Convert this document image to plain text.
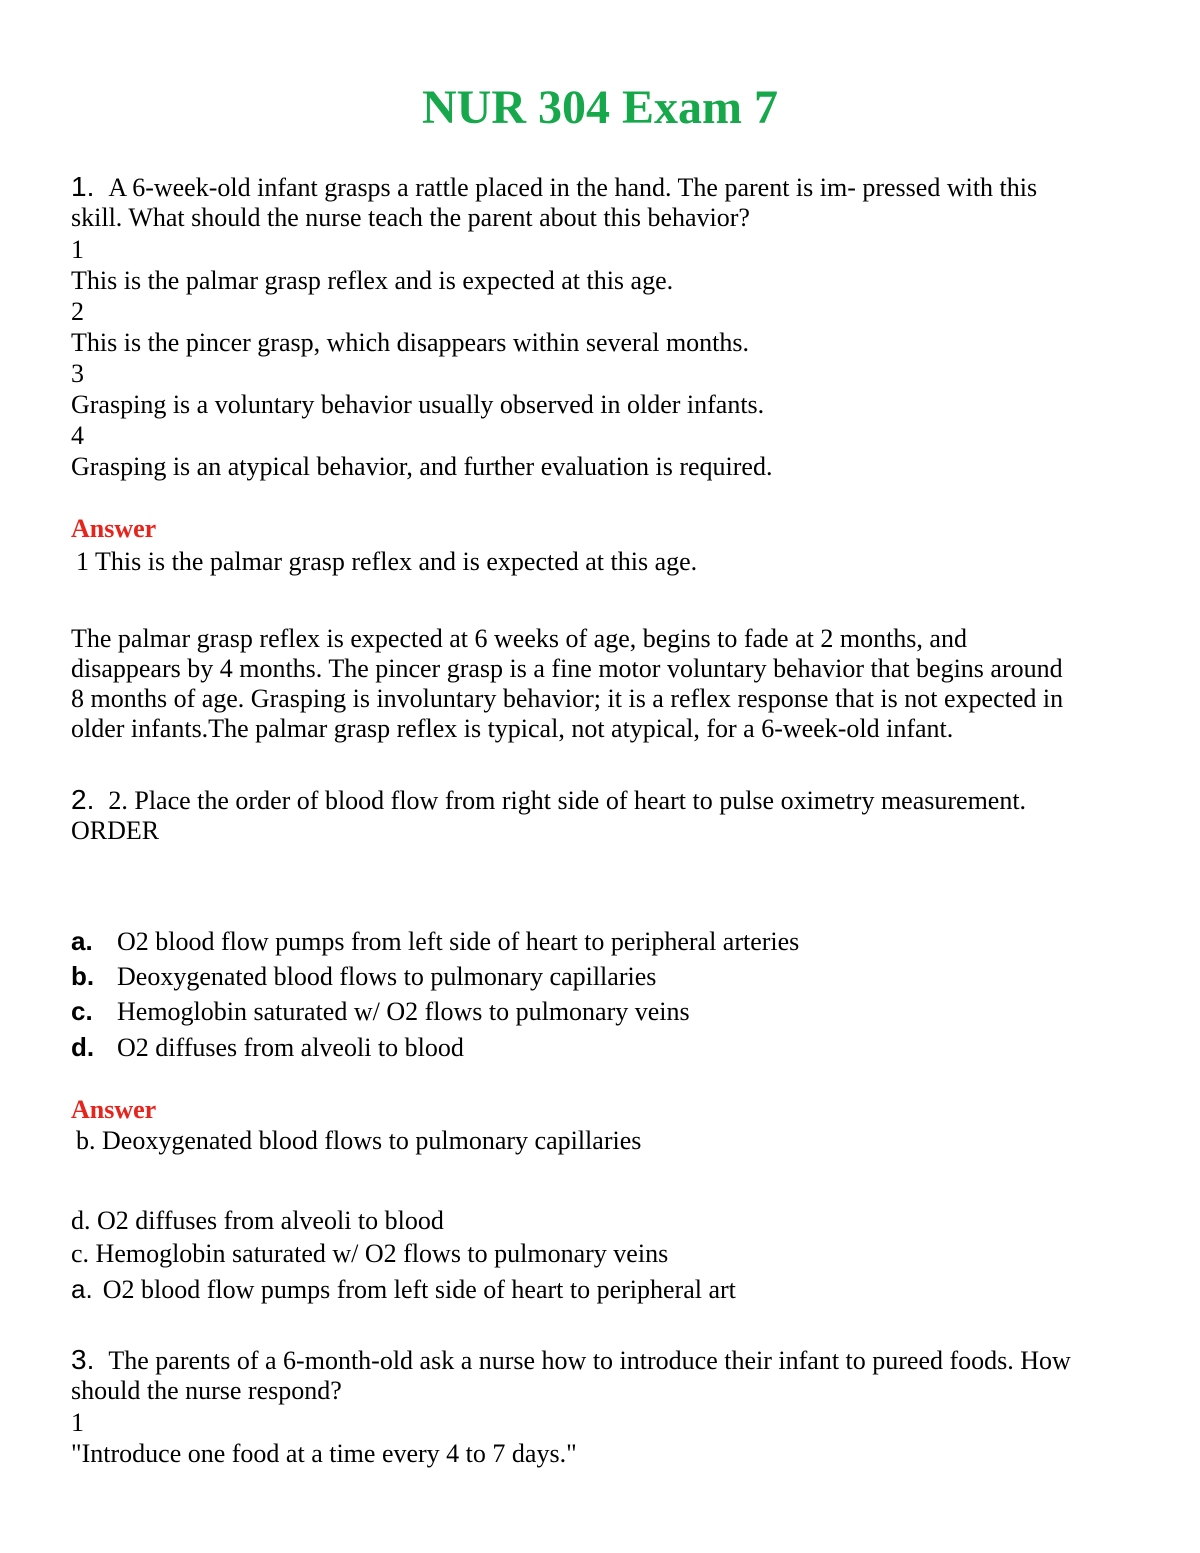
NUR 304 Exam 7
1. A 6-week-old infant grasps a rattle placed in the hand. The parent is im- pressed with this
skill. What should the nurse teach the parent about this behavior?
1
This is the palmar grasp reflex and is expected at this age.
2
This is the pincer grasp, which disappears within several months.
3
Grasping is a voluntary behavior usually observed in older infants.
4
Grasping is an atypical behavior, and further evaluation is required.
Answer
1 This is the palmar grasp reflex and is expected at this age.
The palmar grasp reflex is expected at 6 weeks of age, begins to fade at 2 months, and
disappears by 4 months. The pincer grasp is a fine motor voluntary behavior that begins around
8 months of age. Grasping is involuntary behavior; it is a reflex response that is not expected in
older infants.The palmar grasp reflex is typical, not atypical, for a 6-week-old infant.
2. 2. Place the order of blood flow from right side of heart to pulse oximetry measurement.
ORDER
a. O2 blood flow pumps from left side of heart to peripheral arteries
b. Deoxygenated blood flows to pulmonary capillaries
c. Hemoglobin saturated w/ O2 flows to pulmonary veins
d. O2 diffuses from alveoli to blood
Answer
b. Deoxygenated blood flows to pulmonary capillaries
d. O2 diffuses from alveoli to blood
c. Hemoglobin saturated w/ O2 flows to pulmonary veins
a. O2 blood flow pumps from left side of heart to peripheral art
3. The parents of a 6-month-old ask a nurse how to introduce their infant to pureed foods. How
should the nurse respond?
1
"Introduce one food at a time every 4 to 7 days."
